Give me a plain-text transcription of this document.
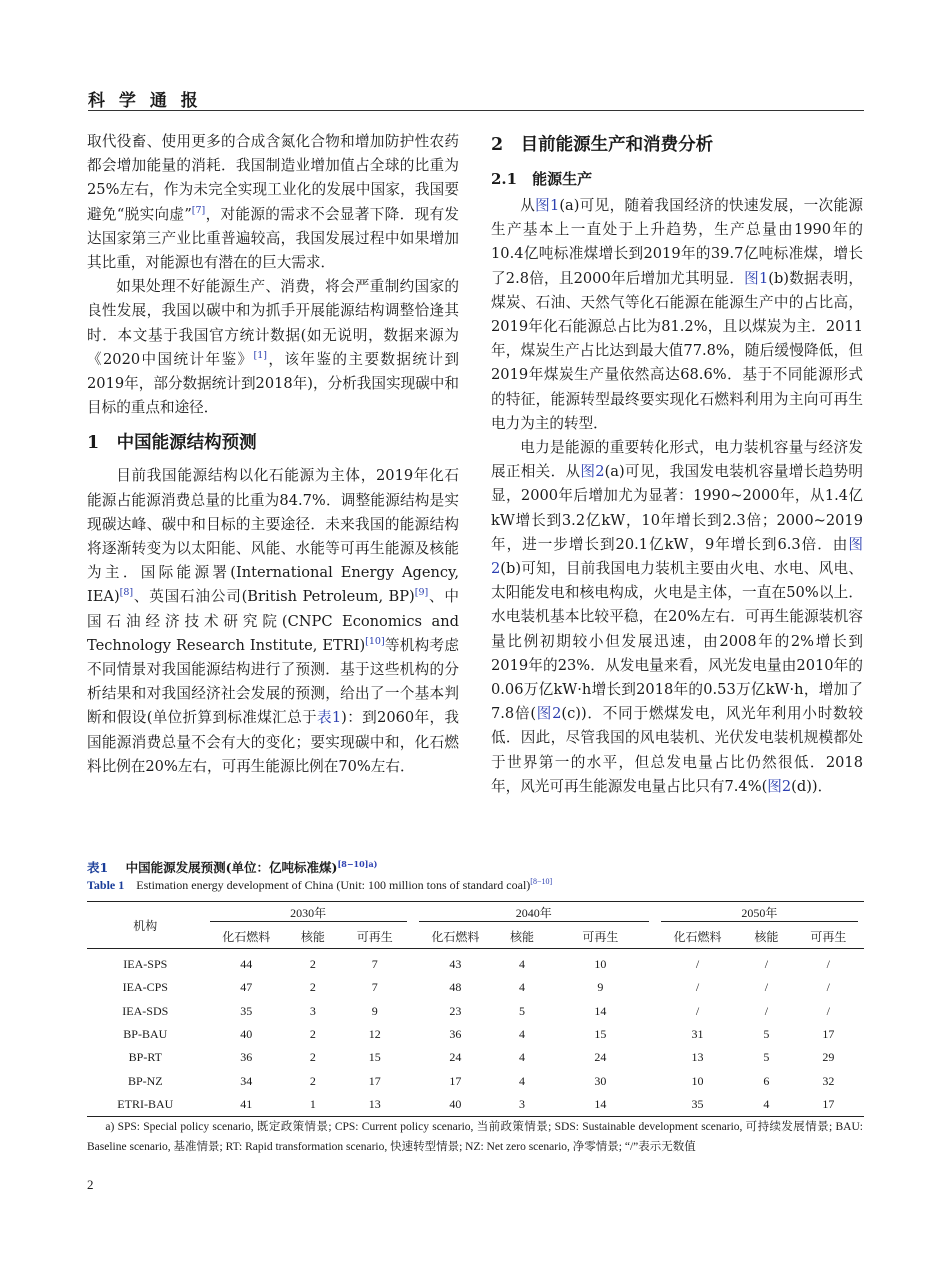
科 学 通 报

取代役畜、使用更多的合成含氮化合物和增加防护性农药都会增加能量的消耗．我国制造业增加值占全球的比重为25%左右，作为未完全实现工业化的发展中国家，我国要避免“脱实向虚”[7]，对能源的需求不会显著下降．现有发达国家第三产业比重普遍较高，我国发展过程中如果增加其比重，对能源也有潜在的巨大需求．

如果处理不好能源生产、消费，将会严重制约国家的良性发展，我国以碳中和为抓手开展能源结构调整恰逢其时．本文基于我国官方统计数据(如无说明，数据来源为《2020中国统计年鉴》[1]，该年鉴的主要数据统计到2019年，部分数据统计到2018年)，分析我国实现碳中和目标的重点和途径．

1　中国能源结构预测

目前我国能源结构以化石能源为主体，2019年化石能源占能源消费总量的比重为84.7%．调整能源结构是实现碳达峰、碳中和目标的主要途径．未来我国的能源结构将逐渐转变为以太阳能、风能、水能等可再生能源及核能为主．国际能源署(International Energy Agency, IEA)[8]、英国石油公司(British Petroleum, BP)[9]、中国石油经济技术研究院(CNPC Economics and Technology Research Institute, ETRI)[10]等机构考虑不同情景对我国能源结构进行了预测．基于这些机构的分析结果和对我国经济社会发展的预测，给出了一个基本判断和假设(单位折算到标准煤汇总于表1)：到2060年，我国能源消费总量不会有大的变化；要实现碳中和，化石燃料比例在20%左右，可再生能源比例在70%左右．

2　目前能源生产和消费分析
2.1　能源生产

从图1(a)可见，随着我国经济的快速发展，一次能源生产基本上一直处于上升趋势，生产总量由1990年的10.4亿吨标准煤增长到2019年的39.7亿吨标准煤，增长了2.8倍，且2000年后增加尤其明显．图1(b)数据表明，煤炭、石油、天然气等化石能源在能源生产中的占比高，2019年化石能源总占比为81.2%，且以煤炭为主．2011年，煤炭生产占比达到最大值77.8%，随后缓慢降低，但2019年煤炭生产量依然高达68.6%．基于不同能源形式的特征，能源转型最终要实现化石燃料利用为主向可再生电力为主的转型．

电力是能源的重要转化形式，电力装机容量与经济发展正相关．从图2(a)可见，我国发电装机容量增长趋势明显，2000年后增加尤为显著：1990~2000年，从1.4亿kW增长到3.2亿kW，10年增长到2.3倍；2000~2019年，进一步增长到20.1亿kW，9年增长到6.3倍．由图2(b)可知，目前我国电力装机主要由火电、水电、风电、太阳能发电和核电构成，火电是主体，一直在50%以上．水电装机基本比较平稳，在20%左右．可再生能源装机容量比例初期较小但发展迅速，由2008年的2%增长到2019年的23%．从发电量来看，风光发电量由2010年的0.06万亿kW·h增长到2018年的0.53万亿kW·h，增加了7.8倍(图2(c))．不同于燃煤发电，风光年利用小时数较低．因此，尽管我国的风电装机、光伏发电装机规模都处于世界第一的水平，但总发电量占比仍然很低．2018年，风光可再生能源发电量占比只有7.4%(图2(d))．

表1 中国能源发展预测(单位：亿吨标准煤)$^{[8-10]a)}$
Table 1 Estimation energy development of China (Unit: 100 million tons of standard coal)[8−10]
机构	2030年			2040年			2050年		

	化石燃料	核能	可再生	化石燃料	核能	可再生	化石燃料	核能	可再生
IEA-SPS	44	2	7	43	4	10	/	/	/
IEA-CPS	47	2	7	48	4	9	/	/	/
IEA-SDS	35	3	9	23	5	14	/	/	/
BP-BAU	40	2	12	36	4	15	31	5	17
BP-RT	36	2	15	24	4	24	13	5	29
BP-NZ	34	2	17	17	4	30	10	6	32
ETRI-BAU	41	1	13	40	3	14	35	4	17
a) SPS: Special policy scenario, 既定政策情景; CPS: Current policy scenario, 当前政策情景; SDS: Sustainable development scenario, 可持续发展情景; BAU: Baseline scenario, 基准情景; RT: Rapid transformation scenario, 快速转型情景; NZ: Net zero scenario, 净零情景; “/”表示无数值
2
